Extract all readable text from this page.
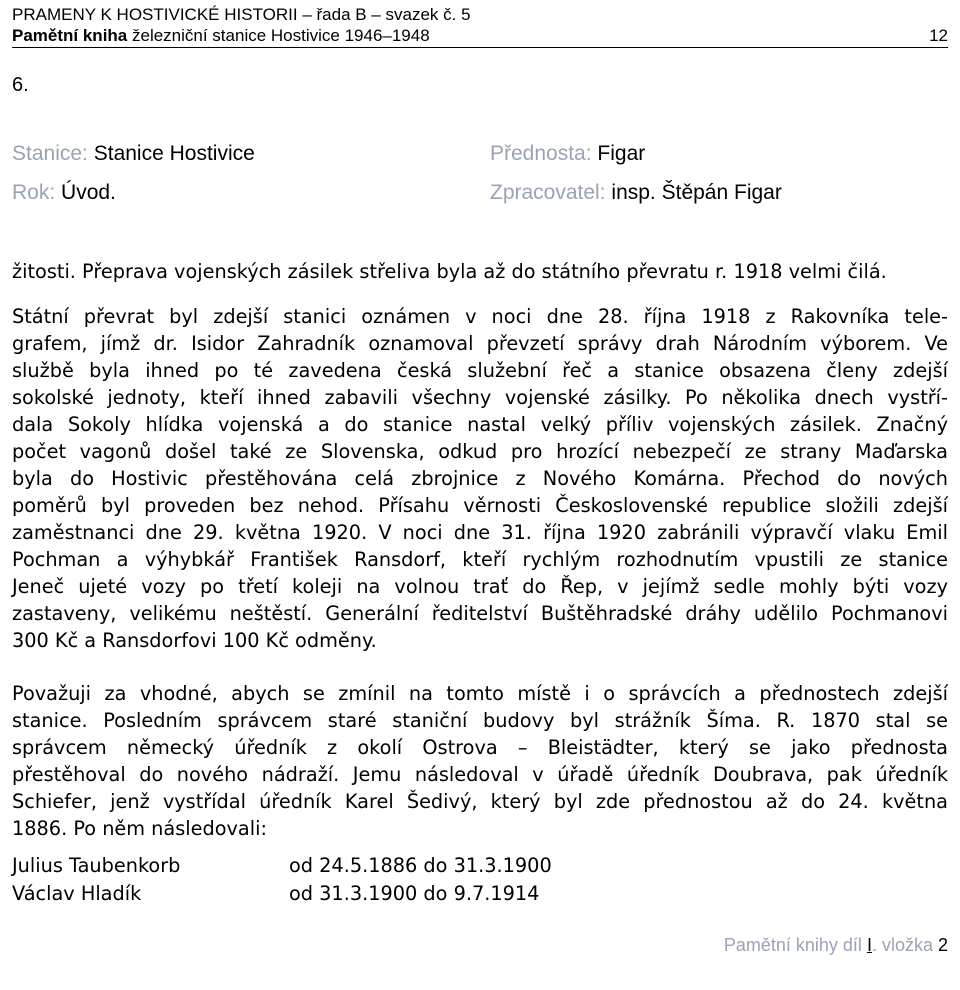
PRAMENY K HOSTIVICKÉ HISTORII – řada B – svazek č. 5
Pamětní kniha železniční stanice Hostivice 1946–1948	12
6.
Stanice: Stanice Hostivice
Rok: Úvod.
Přednosta: Figar
Zpracovatel: insp. Štěpán Figar
žitosti. Přeprava vojenských zásilek střeliva byla až do státního převratu r. 1918 velmi čilá.
Státní převrat byl zdejší stanici oznámen v noci dne 28. října 1918 z Rakovníka tele-
grafem, jímž dr. Isidor Zahradník oznamoval převzetí správy drah Národním výborem. Ve
službě byla ihned po té zavedena česká služební řeč a stanice obsazena členy zdejší
sokolské jednoty, kteří ihned zabavili všechny vojenské zásilky. Po několika dnech vystří-
dala Sokoly hlídka vojenská a do stanice nastal velký příliv vojenských zásilek. Značný
počet vagonů došel také ze Slovenska, odkud pro hrozící nebezpečí ze strany Maďarska
byla do Hostivic přestěhována celá zbrojnice z Nového Komárna. Přechod do nových
poměrů byl proveden bez nehod. Přísahu věrnosti Československé republice složili zdejší
zaměstnanci dne 29. května 1920. V noci dne 31. října 1920 zabránili výpravčí vlaku Emil
Pochman a výhybkář František Ransdorf, kteří rychlým rozhodnutím vpustili ze stanice
Jeneč ujeté vozy po třetí koleji na volnou trať do Řep, v jejímž sedle mohly býti vozy
zastaveny, velikému neštěstí. Generální ředitelství Buštěhradské dráhy udělilo Pochmanovi
300 Kč a Ransdorfovi 100 Kč odměny.
Považuji za vhodné, abych se zmínil na tomto místě i o správcích a přednostech zdejší
stanice. Posledním správcem staré staniční budovy byl strážník Šíma. R. 1870 stal se
správcem německý úředník z okolí Ostrova – Bleistädter, který se jako přednosta
přestěhoval do nového nádraží. Jemu následoval v úřadě úředník Doubrava, pak úředník
Schiefer, jenž vystřídal úředník Karel Šedivý, který byl zde přednostou až do 24. května
1886. Po něm následovali:
Julius Taubenkorb	od 24.5.1886 do 31.3.1900
Václav Hladík	od 31.3.1900 do 9.7.1914
Pamětní knihy díl I. vložka 2
